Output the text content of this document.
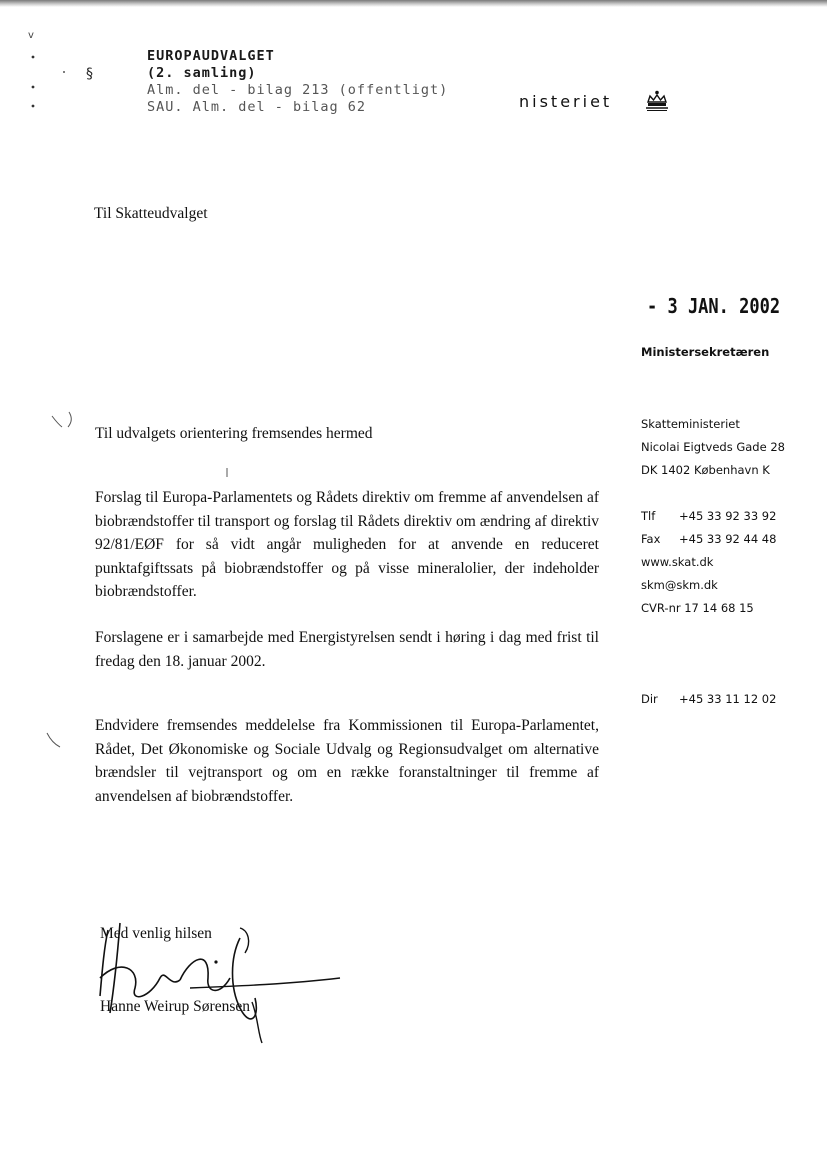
v
§
EUROPAUDVALGET
(2. samling)
Alm. del - bilag 213 (offentligt)
SAU. Alm. del - bilag 62	nisteriet
Til Skatteudvalget
- 3 JAN. 2002
Ministersekretæren
Skatteministeriet
Nicolai Eigtveds Gade 28
DK 1402 København K
Tlf +45 33 92 33 92
Fax +45 33 92 44 48
www.skat.dk
skm@skm.dk
CVR-nr 17 14 68 15
Dir +45 33 11 12 02

Til udvalgets orientering fremsendes hermed

Forslag til Europa-Parlamentets og Rådets direktiv om fremme af anvendelsen af biobrændstoffer til transport og forslag til Rådets direktiv om ændring af direktiv 92/81/EØF for så vidt angår muligheden for at anvende en reduceret punktafgiftssats på biobrændstoffer og på visse mineralolier, der indeholder biobrændstoffer.

Forslagene er i samarbejde med Energistyrelsen sendt i høring i dag med frist til fredag den 18. januar 2002.

Endvidere fremsendes meddelelse fra Kommissionen til Europa-Parlamentet, Rådet, Det Økonomiske og Sociale Udvalg og Regionsudvalget om alternative brændsler til vejtransport og om en række foranstaltninger til fremme af anvendelsen af biobrændstoffer.

Med venlig hilsen
Hanne Weirup Sørensen
